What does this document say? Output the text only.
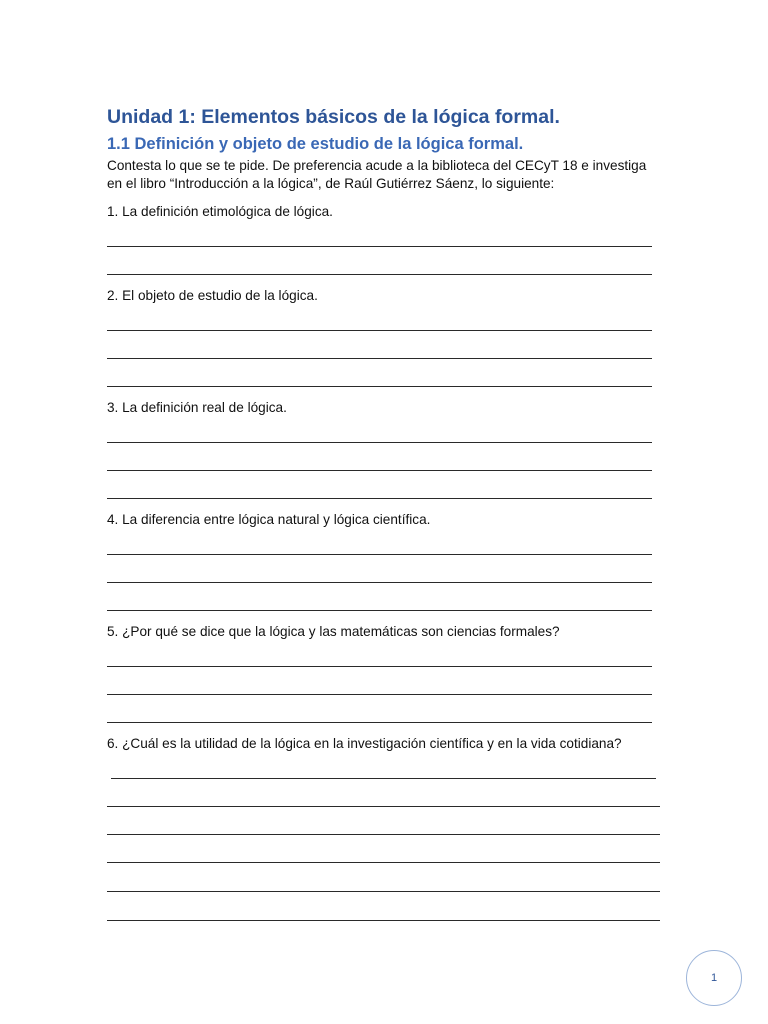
Unidad 1: Elementos básicos de la lógica formal.
1.1 Definición y objeto de estudio de la lógica formal.

Contesta lo que se te pide. De preferencia acude a la biblioteca del CECyT 18 e investiga
en el libro “Introducción a la lógica”, de Raúl Gutiérrez Sáenz, lo siguiente:

1. La definición etimológica de lógica.

2. El objeto de estudio de la lógica.

3. La definición real de lógica.

4. La diferencia entre lógica natural y lógica científica.

5. ¿Por qué se dice que la lógica y las matemáticas son ciencias formales?

6. ¿Cuál es la utilidad de la lógica en la investigación científica y en la vida cotidiana?

1
